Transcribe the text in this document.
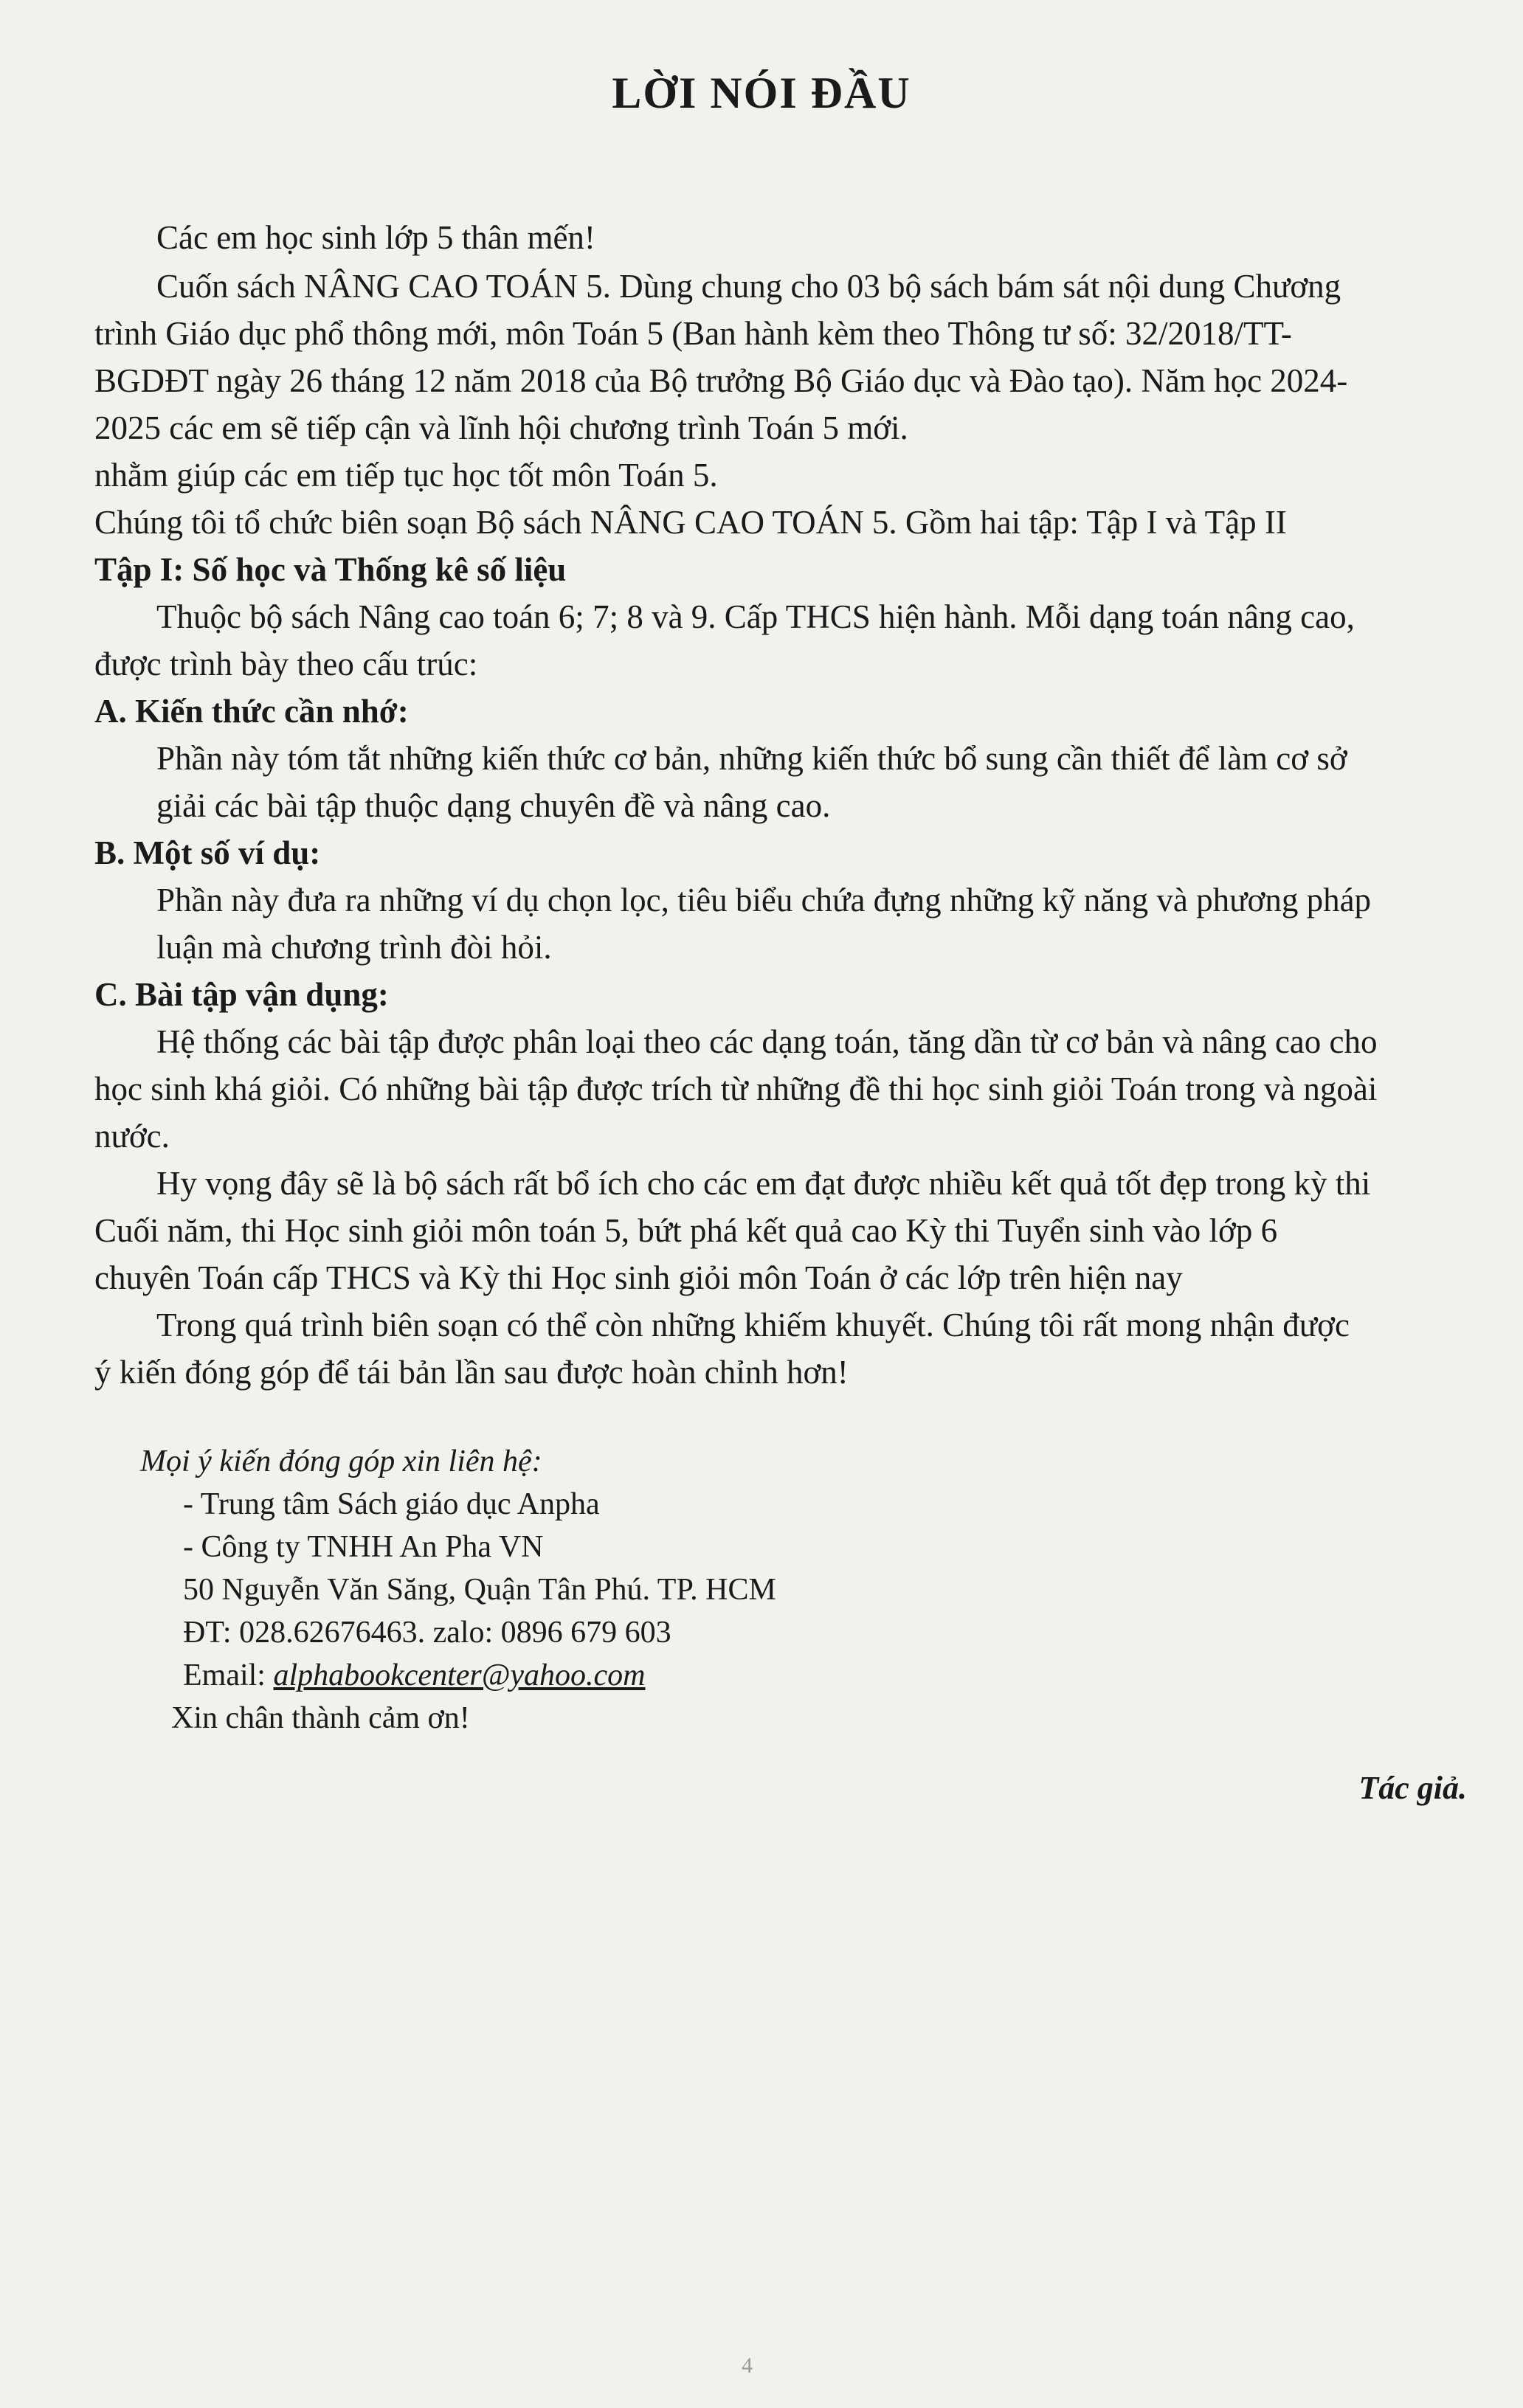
LỜI NÓI ĐẦU
Các em học sinh lớp 5 thân mến!
Cuốn sách NÂNG CAO TOÁN 5. Dùng chung cho 03 bộ sách bám sát nội dung Chương
trình Giáo dục phổ thông mới, môn Toán 5 (Ban hành kèm theo Thông tư số: 32/2018/TT-
BGDĐT ngày 26 tháng 12 năm 2018 của Bộ trưởng Bộ Giáo dục và Đào tạo). Năm học 2024-
2025 các em sẽ tiếp cận và lĩnh hội chương trình Toán 5 mới.
nhằm giúp các em tiếp tục học tốt môn Toán 5.
Chúng tôi tổ chức biên soạn Bộ sách NÂNG CAO TOÁN 5. Gồm hai tập: Tập I và Tập II
Tập I: Số học và Thống kê số liệu
Thuộc bộ sách Nâng cao toán 6; 7; 8 và 9. Cấp THCS hiện hành. Mỗi dạng toán nâng cao,
được trình bày theo cấu trúc:
A. Kiến thức cần nhớ:
Phần này tóm tắt những kiến thức cơ bản, những kiến thức bổ sung cần thiết để làm cơ sở
giải các bài tập thuộc dạng chuyên đề và nâng cao.
B. Một số ví dụ:
Phần này đưa ra những ví dụ chọn lọc, tiêu biểu chứa đựng những kỹ năng và phương pháp
luận mà chương trình đòi hỏi.
C. Bài tập vận dụng:
Hệ thống các bài tập được phân loại theo các dạng toán, tăng dần từ cơ bản và nâng cao cho
học sinh khá giỏi. Có những bài tập được trích từ những đề thi học sinh giỏi Toán trong và ngoài
nước.
Hy vọng đây sẽ là bộ sách rất bổ ích cho các em đạt được nhiều kết quả tốt đẹp trong kỳ thi
Cuối năm, thi Học sinh giỏi môn toán 5, bứt phá kết quả cao Kỳ thi Tuyển sinh vào lớp 6
chuyên Toán cấp THCS và Kỳ thi Học sinh giỏi môn Toán ở các lớp trên hiện nay
Trong quá trình biên soạn có thể còn những khiếm khuyết. Chúng tôi rất mong nhận được
ý kiến đóng góp để tái bản lần sau được hoàn chỉnh hơn!
Mọi ý kiến đóng góp xin liên hệ:
- Trung tâm Sách giáo dục Anpha
- Công ty TNHH An Pha VN
50 Nguyễn Văn Săng, Quận Tân Phú. TP. HCM
ĐT: 028.62676463. zalo: 0896 679 603
Email: alphabookcenter@yahoo.com
Xin chân thành cảm ơn!
Tác giả.
4
